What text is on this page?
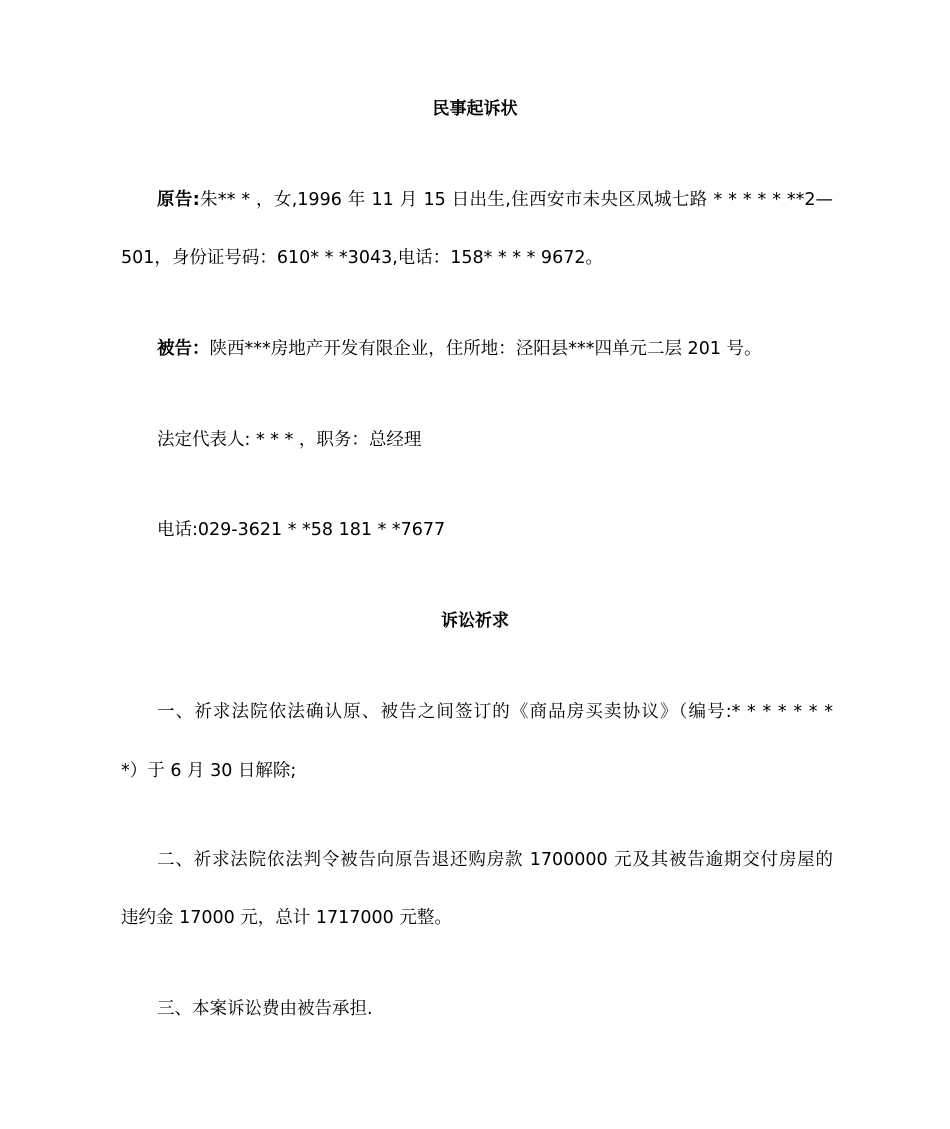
民事起诉状
原告:朱** * ，女,1996 年 11 月 15 日出生,住西安市未央区凤城七路 * * * * * **2—
501，身份证号码：610* * *3043,电话：158* * * * 9672。
被告：陕西***房地产开发有限企业，住所地：泾阳县***四单元二层 201 号。
法定代表人: * * * ，职务：总经理
电话:029-3621 * *58 181 * *7677
诉讼祈求
一、祈求法院依法确认原、被告之间签订的《商品房买卖协议》（编号:* * * * * * *
*）于 6 月 30 日解除;
二、祈求法院依法判令被告向原告退还购房款 1700000 元及其被告逾期交付房屋的
违约金 17000 元，总计 1717000 元整。
三、本案诉讼费由被告承担.
